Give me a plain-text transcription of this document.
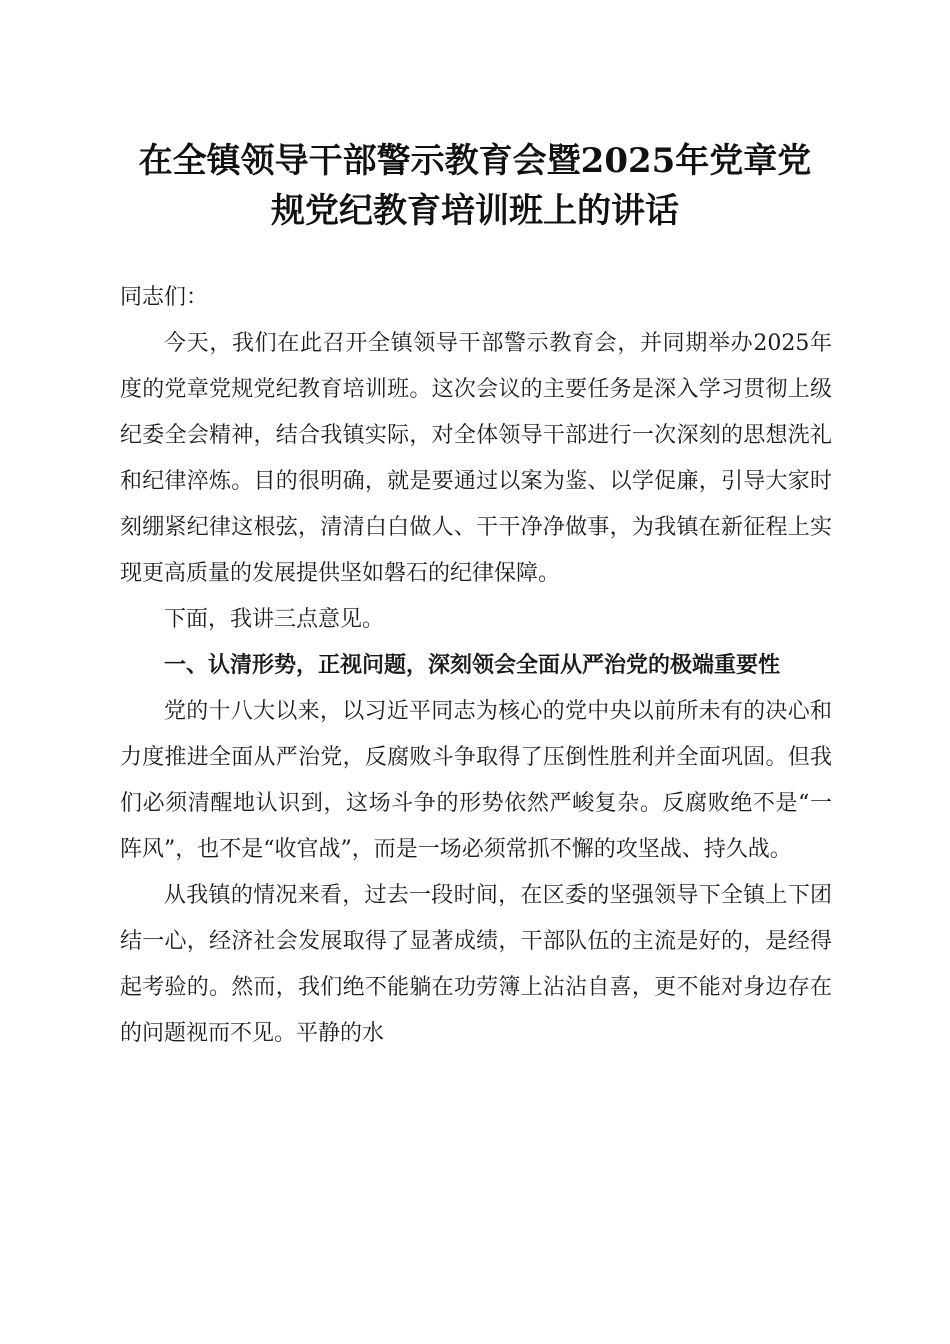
在全镇领导干部警示教育会暨2025年党章党
规党纪教育培训班上的讲话

同志们：

今天，我们在此召开全镇领导干部警示教育会，并同期举办2025年度的党章党规党纪教育培训班。这次会议的主要任务是深入学习贯彻上级纪委全会精神，结合我镇实际，对全体领导干部进行一次深刻的思想洗礼和纪律淬炼。目的很明确，就是要通过以案为鉴、以学促廉，引导大家时刻绷紧纪律这根弦，清清白白做人、干干净净做事，为我镇在新征程上实现更高质量的发展提供坚如磐石的纪律保障。

下面，我讲三点意见。

一、认清形势，正视问题，深刻领会全面从严治党的极端重要性

党的十八大以来，以习近平同志为核心的党中央以前所未有的决心和力度推进全面从严治党，反腐败斗争取得了压倒性胜利并全面巩固。但我们必须清醒地认识到，这场斗争的形势依然严峻复杂。反腐败绝不是“一阵风”，也不是“收官战”，而是一场必须常抓不懈的攻坚战、持久战。

从我镇的情况来看，过去一段时间，在区委的坚强领导下全镇上下团结一心，经济社会发展取得了显著成绩，干部队伍的主流是好的，是经得起考验的。然而，我们绝不能躺在功劳簿上沾沾自喜，更不能对身边存在的问题视而不见。平静的水
